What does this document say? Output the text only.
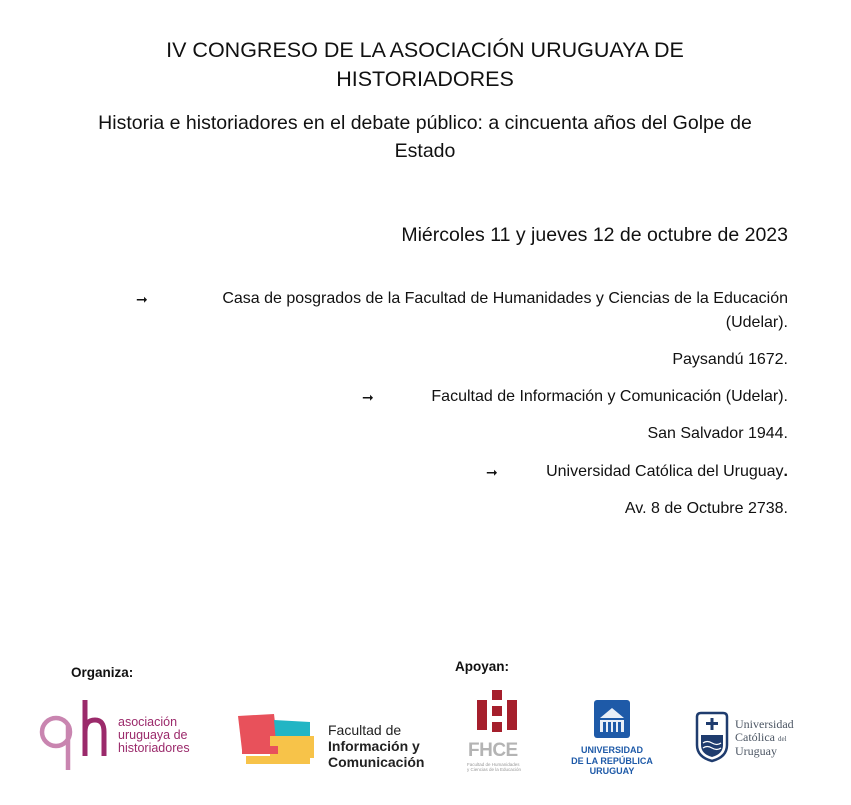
IV CONGRESO DE LA ASOCIACIÓN URUGUAYA DE
HISTORIADORES
Historia e historiadores en el debate público: a cincuenta años del Golpe de
Estado
Miércoles 11 y jueves 12 de octubre de 2023
➞	Casa de posgrados de la Facultad de Humanidades y Ciencias de la Educación
(Udelar).
Paysandú 1672.
➞	Facultad de Información y Comunicación (Udelar).
San Salvador 1944.
➞	Universidad Católica del Uruguay.
Av. 8 de Octubre 2738.
Organiza:	Apoyan:
asociación
uruguaya de
historiadores
Facultad de
Información y
Comunicación
FHCE
Facultad de Humanidades
y Ciencias de la Educación
UNIVERSIDAD
DE LA REPÚBLICA
URUGUAY
Universidad
Católica del
Uruguay
